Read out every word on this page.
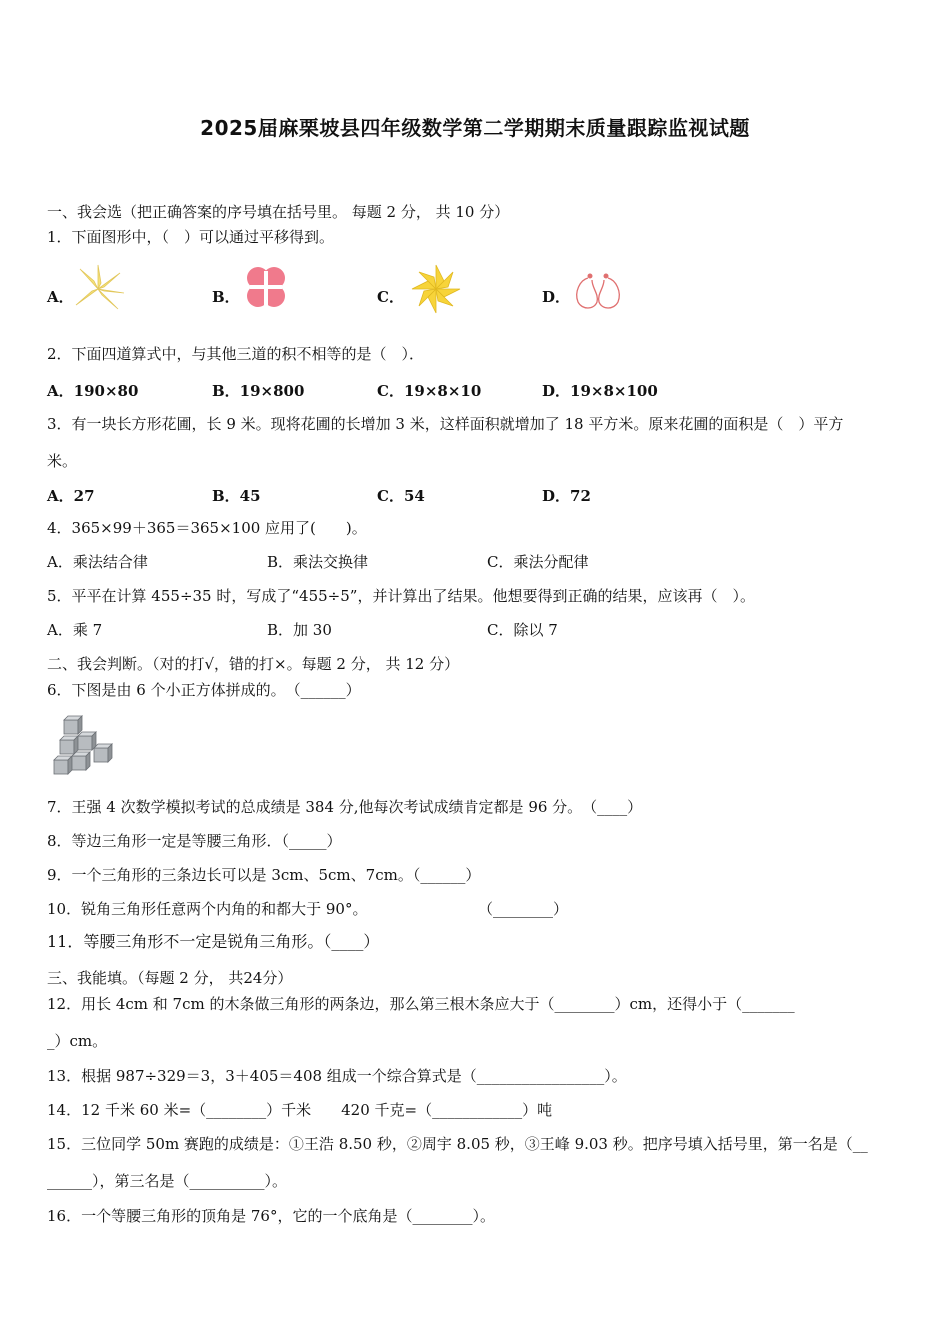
2025届麻栗坡县四年级数学第二学期期末质量跟踪监视试题
一、我会选（把正确答案的序号填在括号里。 每题 2 分， 共 10 分）
1．下面图形中，（　）可以通过平移得到。
A．	B．	C．	D．
2．下面四道算式中，与其他三道的积不相等的是（　）．
A．190×80	B．19×800	C．19×8×10	D．19×8×100
3．有一块长方形花圃，长 9 米。现将花圃的长增加 3 米，这样面积就增加了 18 平方米。原来花圃的面积是（　）平方
米。
A．27	B．45	C．54	D．72
4．365×99＋365＝365×100 应用了(　　)。
A．乘法结合律	B．乘法交换律	C．乘法分配律
5．平平在计算 455÷35 时，写成了“455÷5”，并计算出了结果。他想要得到正确的结果，应该再（　）。
A．乘 7	B．加 30	C．除以 7
二、我会判断。（对的打√，错的打×。每题 2 分， 共 12 分）
6．下图是由 6 个小正方体拼成的。　（______）
7．王强 4 次数学模拟考试的总成绩是 384 分,他每次考试成绩肯定都是 96 分。　（____）
8．等边三角形一定是等腰三角形．（_____）
9．一个三角形的三条边长可以是 3cm、5cm、7cm。（______）
10．锐角三角形任意两个内角的和都大于 90°。	（________）
11．等腰三角形不一定是锐角三角形。（____）
三、我能填。（每题 2 分， 共24分）
12．用长 4cm 和 7cm 的木条做三角形的两条边，那么第三根木条应大于（________）cm，还得小于（_______
_）cm。
13．根据 987÷329＝3，3＋405＝408 组成一个综合算式是（_________________）。
14．12 千米 60 米=（________）千米　　420 千克=（____________）吨
15．三位同学 50m 赛跑的成绩是：①王浩 8.50 秒，②周宇 8.05 秒，③王峰 9.03 秒。把序号填入括号里，第一名是（__
______），第三名是（__________）。
16．一个等腰三角形的顶角是 76°，它的一个底角是（________）。
